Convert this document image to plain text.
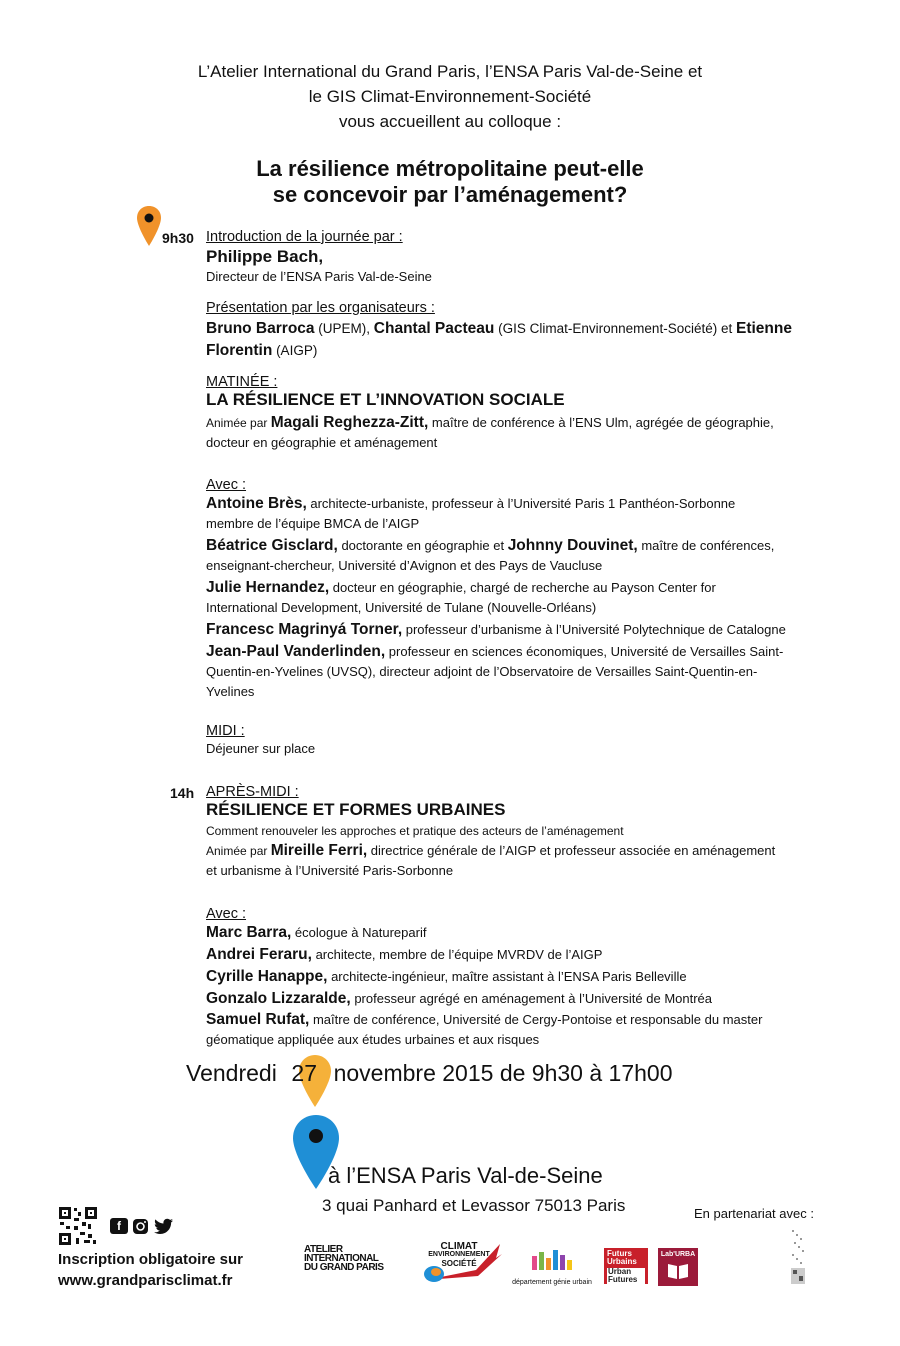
L’Atelier International du Grand Paris, l’ENSA Paris Val-de-Seine et
le GIS Climat-Environnement-Société
vous accueillent au colloque :
La résilience métropolitaine peut-elle
se concevoir par l’aménagement?
9h30 Introduction de la journée par :
Philippe Bach,
Directeur de l’ENSA Paris Val-de-Seine
Présentation par les organisateurs :
Bruno Barroca (UPEM), Chantal Pacteau (GIS Climat-Environnement-Société) et Etienne
Florentin (AIGP)
MATINÉE :
LA RÉSILIENCE ET L’INNOVATION SOCIALE
Animée par Magali Reghezza-Zitt, maître de conférence à l’ENS Ulm, agrégée de géographie,
docteur en géographie et aménagement
Avec :
Antoine Brès, architecte-urbaniste, professeur à l’Université Paris 1 Panthéon-Sorbonne
membre de l’équipe BMCA de l’AIGP
Béatrice Gisclard, doctorante en géographie et Johnny Douvinet, maître de conférences,
enseignant-chercheur, Université d’Avignon et des Pays de Vaucluse
Julie Hernandez, docteur en géographie, chargé de recherche au Payson Center for
International Development, Université de Tulane (Nouvelle-Orléans)
Francesc Magrinyá Torner, professeur d’urbanisme à l’Université Polytechnique de Catalogne
Jean-Paul Vanderlinden, professeur en sciences économiques, Université de Versailles Saint-
Quentin-en-Yvelines (UVSQ), directeur adjoint de l’Observatoire de Versailles Saint-Quentin-en-
Yvelines
MIDI :
Déjeuner sur place
14h APRÈS-MIDI :
RÉSILIENCE ET FORMES URBAINES
Comment renouveler les approches et pratique des acteurs de l’aménagement
Animée par Mireille Ferri, directrice générale de l’AIGP et professeur associée en aménagement
et urbanisme à l’Université Paris-Sorbonne
Avec :
Marc Barra, écologue à Natureparif
Andrei Feraru, architecte, membre de l’équipe MVRDV de l’AIGP
Cyrille Hanappe, architecte-ingénieur, maître assistant à l’ENSA Paris Belleville
Gonzalo Lizzaralde, professeur agrégé en aménagement à l’Université de Montréa
Samuel Rufat, maître de conférence, Université de Cergy-Pontoise et responsable du master
géomatique appliquée aux études urbaines et aux risques
Vendredi 27 novembre 2015 de 9h30 à 17h00
à l’ENSA Paris Val-de-Seine
3 quai Panhard et Levassor 75013 Paris	En partenariat avec :
f
Inscription obligatoire sur
www.grandparisclimat.fr
ATELIER INTERNATIONAL DU GRAND PARIS
CLIMAT
ENVIRONNEMENT
SOCIÉTÉ
département génie urbain
Futurs
Urbains
Urban
Futures
Lab'URBA
